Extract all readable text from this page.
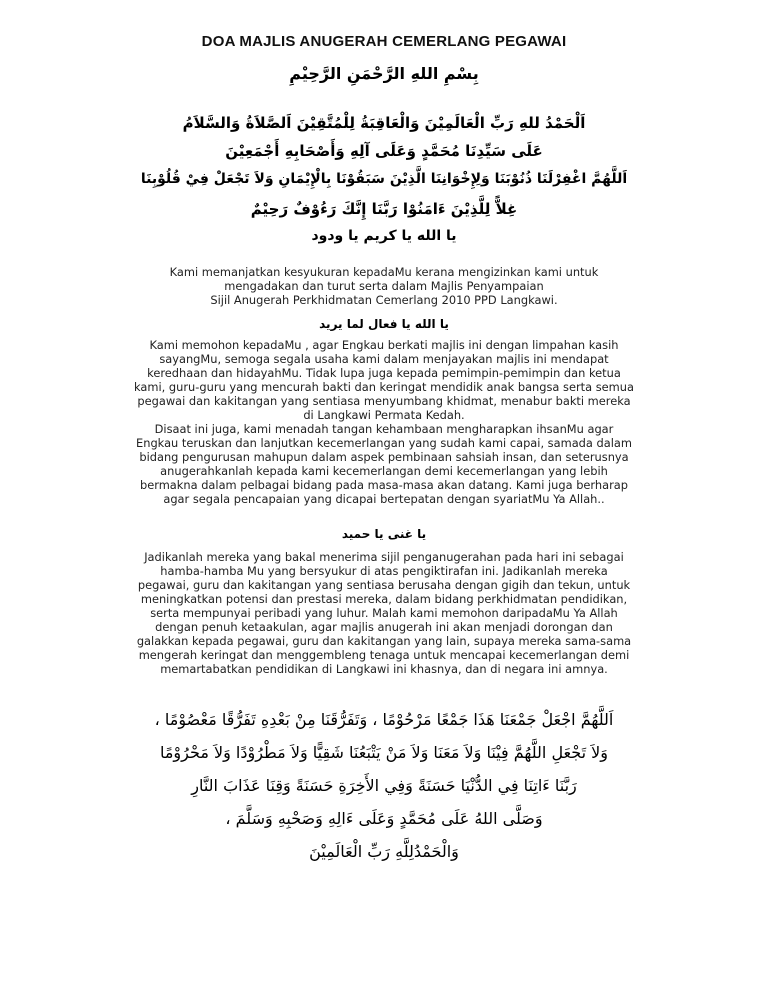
DOA MAJLIS ANUGERAH CEMERLANG PEGAWAI
بِسْمِ اللهِ الرَّحْمَنِ الرَّحِيْمِ
اَلْحَمْدُ للهِ رَبِّ الْعَالَمِيْنَ وَالْعَاقِبَةُ لِلْمُتَّقِيْنَ اَلصَّلاَةُ وَالسَّلاَمُ
عَلَى سَيِّدِنَا مُحَمَّدٍ وَعَلَى آلِهِ وَأَصْحَابِهِ أَجْمَعِيْنَ
اَللَّهُمَّ اغْفِرْلَنَا ذُنُوْبَنَا وَلِإِخْوَانِنَا الَّذِيْنَ سَبَقُوْنَا بِالْإِيْمَانِ وَلاَ تَجْعَلْ فِيْ قُلُوْبِنَا
غِلاًّ لِلَّذِيْنَ ءَامَنُوْا رَبَّنَا إِنَّكَ رَءُوْفٌ رَحِيْمٌ
يا الله يا كريم يا ودود
Kami memanjatkan kesyukuran kepadaMu kerana mengizinkan kami untuk
mengadakan dan turut serta dalam Majlis Penyampaian
Sijil Anugerah Perkhidmatan Cemerlang 2010 PPD Langkawi.
يا الله يا فعال لما يريد
Kami memohon kepadaMu , agar Engkau berkati majlis ini dengan limpahan kasih
sayangMu, semoga segala usaha kami dalam menjayakan majlis ini mendapat
keredhaan dan hidayahMu. Tidak lupa juga kepada pemimpin-pemimpin dan ketua
kami, guru-guru yang mencurah bakti dan keringat mendidik anak bangsa serta semua
pegawai dan kakitangan yang sentiasa menyumbang khidmat, menabur bakti mereka
di Langkawi Permata Kedah.
Disaat ini juga, kami menadah tangan kehambaan mengharapkan ihsanMu agar
Engkau teruskan dan lanjutkan kecemerlangan yang sudah kami capai, samada dalam
bidang pengurusan mahupun dalam aspek pembinaan sahsiah insan, dan seterusnya
anugerahkanlah kepada kami kecemerlangan demi kecemerlangan yang lebih
bermakna dalam pelbagai bidang pada masa-masa akan datang. Kami juga berharap
agar segala pencapaian yang dicapai bertepatan dengan syariatMu Ya Allah..
يا غنى يا حميد
Jadikanlah mereka yang bakal menerima sijil penganugerahan pada hari ini sebagai
hamba-hamba Mu yang bersyukur di atas pengiktirafan ini. Jadikanlah mereka
pegawai, guru dan kakitangan yang sentiasa berusaha dengan gigih dan tekun, untuk
meningkatkan potensi dan prestasi mereka, dalam bidang perkhidmatan pendidikan,
serta mempunyai peribadi yang luhur. Malah kami memohon daripadaMu Ya Allah
dengan penuh ketaakulan, agar majlis anugerah ini akan menjadi dorongan dan
galakkan kepada pegawai, guru dan kakitangan yang lain, supaya mereka sama-sama
mengerah keringat dan menggembleng tenaga untuk mencapai kecemerlangan demi
memartabatkan pendidikan di Langkawi ini khasnya, dan di negara ini amnya.
اَللَّهُمَّ اجْعَلْ جَمْعَنَا هَذَا جَمْعًا مَرْحُوْمًا ، وَتَفَرُّقَنَا مِنْ بَعْدِهِ تَفَرُّقًا مَعْصُوْمًا ،
وَلاَ تَجْعَلِ اللَّهُمَّ فِيْنَا وَلاَ مَعَنَا وَلاَ مَنْ يَتْبَعُنَا شَقِيًّا وَلاَ مَطْرُوْدًا وَلاَ مَحْرُوْمًا
رَبَّنَا ءَاتِنَا فِي الدُّنْيَا حَسَنَةً وَفِي الأَخِرَةِ حَسَنَةً وَقِنَا عَذَابَ النَّارِ
وَصَلَّى اللهُ عَلَى مُحَمَّدٍ وَعَلَى ءَالِهِ وَصَحْبِهِ وَسَلَّمَ ،
وَالْحَمْدُلِلَّهِ رَبِّ الْعَالَمِيْنَ
